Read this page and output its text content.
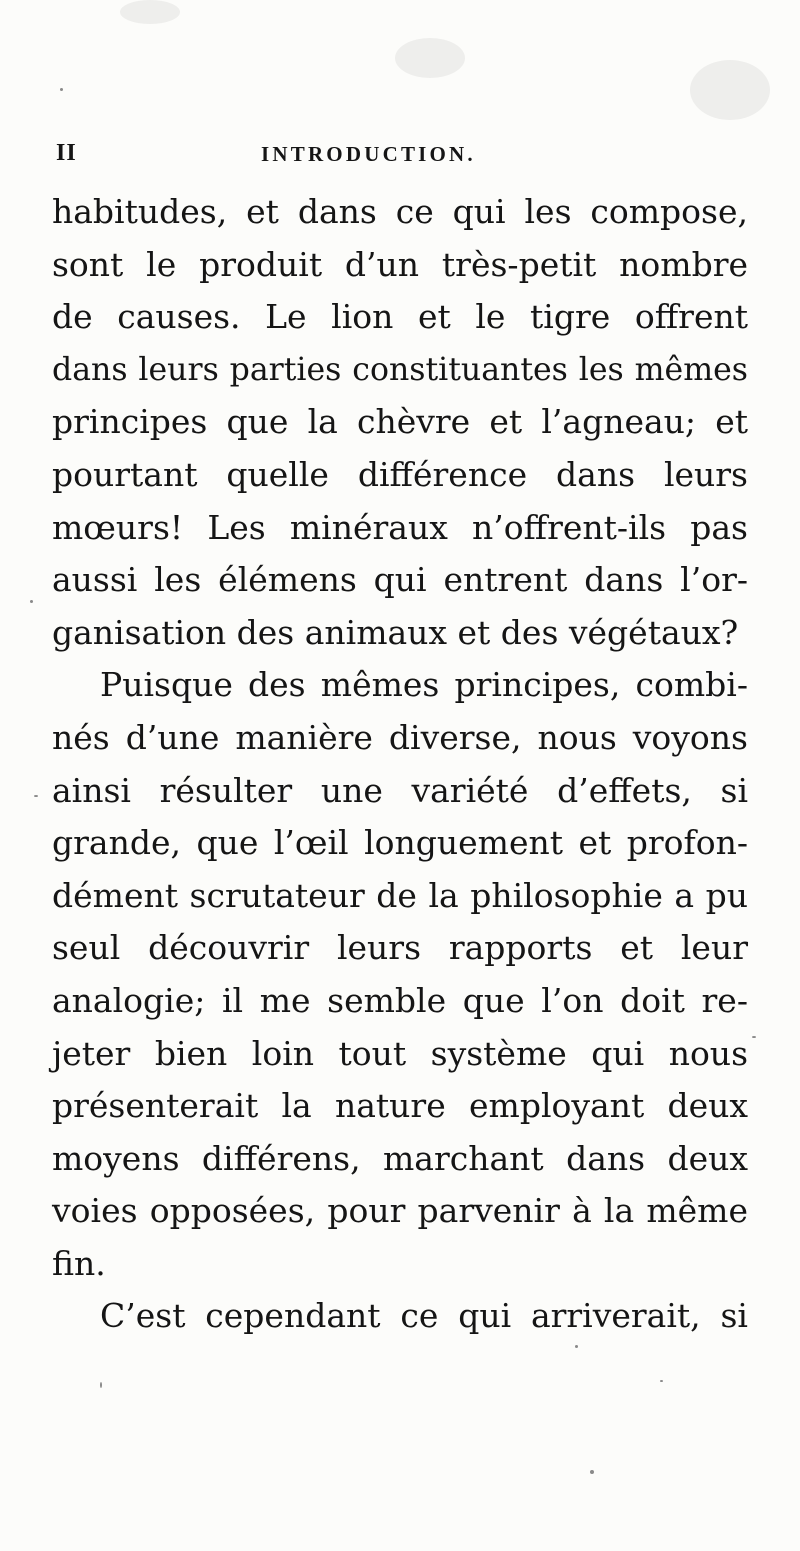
II	INTRODUCTION.
habitudes, et dans ce qui les compose,
sont le produit d’un très-petit nombre
de causes. Le lion et le tigre offrent
dans leurs parties constituantes les mêmes
principes que la chèvre et l’agneau; et
pourtant quelle différence dans leurs
mœurs! Les minéraux n’offrent-ils pas
aussi les élémens qui entrent dans l’or-
ganisation des animaux et des végétaux?
Puisque des mêmes principes, combi-
nés d’une manière diverse, nous voyons
ainsi résulter une variété d’effets, si
grande, que l’œil longuement et profon-
dément scrutateur de la philosophie a pu
seul découvrir leurs rapports et leur
analogie; il me semble que l’on doit re-
jeter bien loin tout système qui nous
présenterait la nature employant deux
moyens différens, marchant dans deux
voies opposées, pour parvenir à la même
fin.
C’est cependant ce qui arriverait, si
